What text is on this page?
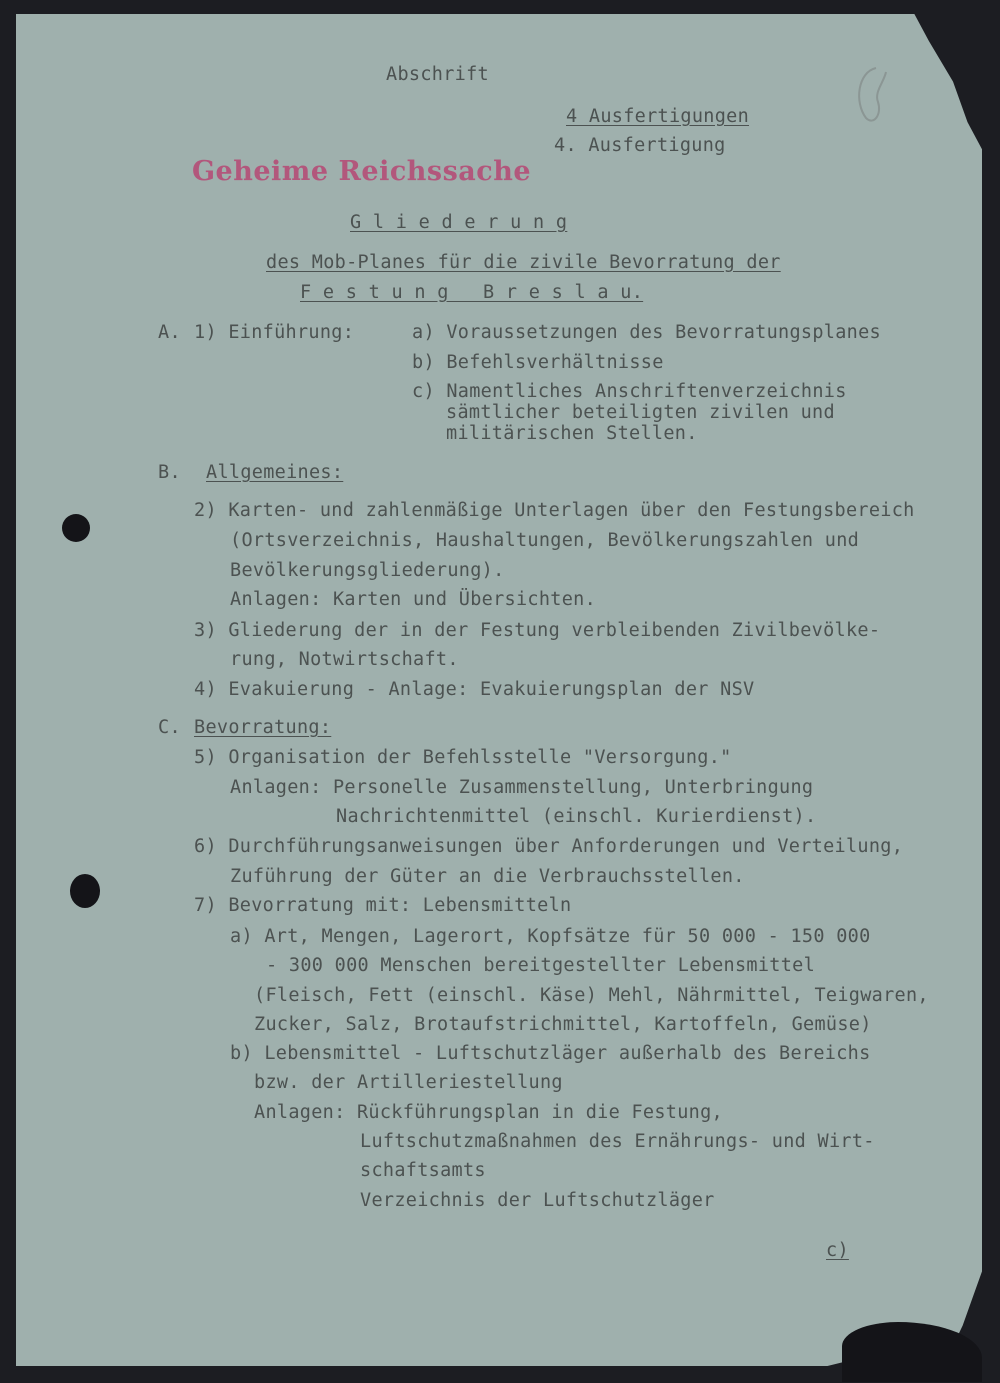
Abschrift
4 Ausfertigungen
4. Ausfertigung
Geheime Reichssache
G l i e d e r u n g
des Mob-Planes für die zivile Bevorratung der
F e s t u n g   B r e s l a u.
A. 1) Einführung:	a) Voraussetzungen des Bevorratungsplanes
b) Befehlsverhältnisse
c) Namentliches Anschriftenverzeichnis
sämtlicher beteiligten zivilen und
militärischen Stellen.
B. Allgemeines:
2) Karten- und zahlenmäßige Unterlagen über den Festungsbereich
(Ortsverzeichnis, Haushaltungen, Bevölkerungszahlen und
Bevölkerungsgliederung).
Anlagen: Karten und Übersichten.
3) Gliederung der in der Festung verbleibenden Zivilbevölke-
rung, Notwirtschaft.
4) Evakuierung - Anlage: Evakuierungsplan der NSV
C. Bevorratung:
5) Organisation der Befehlsstelle "Versorgung."
Anlagen: Personelle Zusammenstellung, Unterbringung
Nachrichtenmittel (einschl. Kurierdienst).
6) Durchführungsanweisungen über Anforderungen und Verteilung,
Zuführung der Güter an die Verbrauchsstellen.
7) Bevorratung mit: Lebensmitteln
a) Art, Mengen, Lagerort, Kopfsätze für 50 000 - 150 000
- 300 000 Menschen bereitgestellter Lebensmittel
(Fleisch, Fett (einschl. Käse) Mehl, Nährmittel, Teigwaren,
Zucker, Salz, Brotaufstrichmittel, Kartoffeln, Gemüse)
b) Lebensmittel - Luftschutzläger außerhalb des Bereichs
bzw. der Artilleriestellung
Anlagen: Rückführungsplan in die Festung,
Luftschutzmaßnahmen des Ernährungs- und Wirt-
schaftsamts
Verzeichnis der Luftschutzläger
c)
